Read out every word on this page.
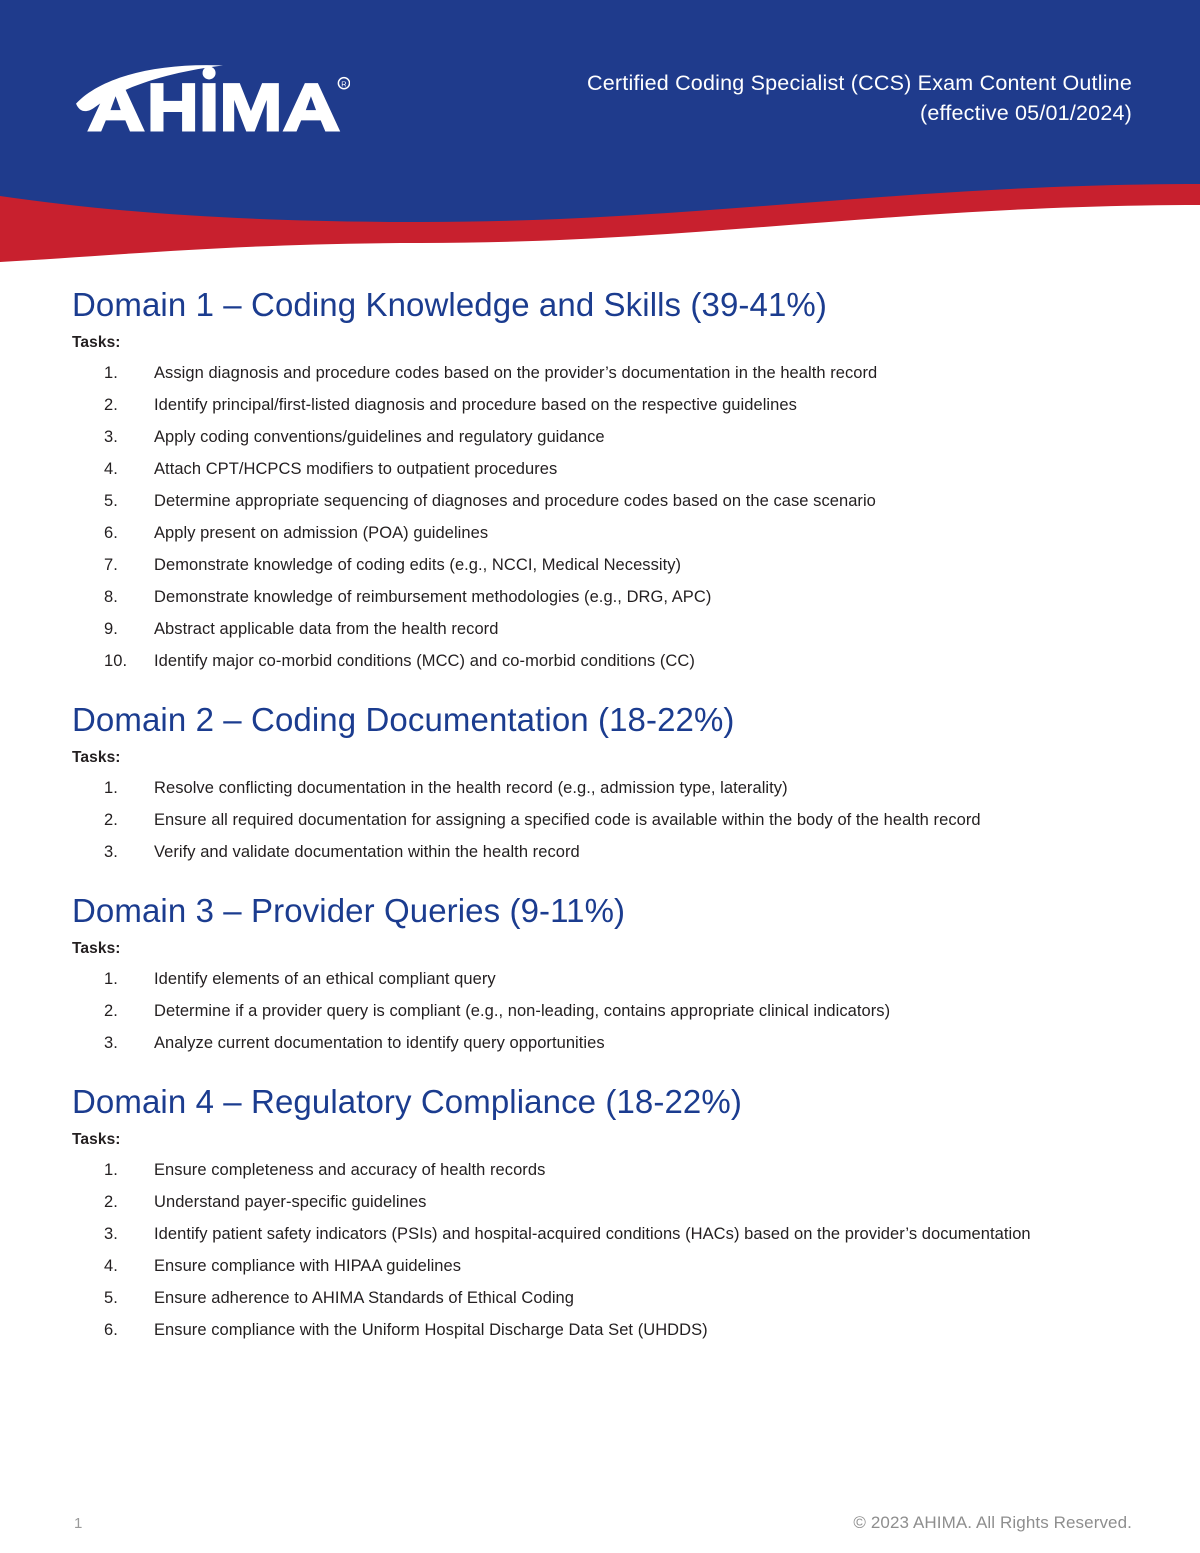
R	Certified Coding Specialist (CCS) Exam Content Outline
(effective 05/01/2024)
Domain 1 – Coding Knowledge and Skills (39-41%)
Tasks:
Assign diagnosis and procedure codes based on the provider’s documentation in the health record
Identify principal/first-listed diagnosis and procedure based on the respective guidelines
Apply coding conventions/guidelines and regulatory guidance
Attach CPT/HCPCS modifiers to outpatient procedures
Determine appropriate sequencing of diagnoses and procedure codes based on the case scenario
Apply present on admission (POA) guidelines
Demonstrate knowledge of coding edits (e.g., NCCI, Medical Necessity)
Demonstrate knowledge of reimbursement methodologies (e.g., DRG, APC)
Abstract applicable data from the health record
Identify major co-morbid conditions (MCC) and co-morbid conditions (CC)
Domain 2 – Coding Documentation (18-22%)
Tasks:
Resolve conflicting documentation in the health record (e.g., admission type, laterality)
Ensure all required documentation for assigning a specified code is available within the body of the health record
Verify and validate documentation within the health record
Domain 3 – Provider Queries (9-11%)
Tasks:
Identify elements of an ethical compliant query
Determine if a provider query is compliant (e.g., non-leading, contains appropriate clinical indicators)
Analyze current documentation to identify query opportunities
Domain 4 – Regulatory Compliance (18-22%)
Tasks:
Ensure completeness and accuracy of health records
Understand payer-specific guidelines
Identify patient safety indicators (PSIs) and hospital-acquired conditions (HACs) based on the provider’s documentation
Ensure compliance with HIPAA guidelines
Ensure adherence to AHIMA Standards of Ethical Coding
Ensure compliance with the Uniform Hospital Discharge Data Set (UHDDS)
1	© 2023 AHIMA. All Rights Reserved.
